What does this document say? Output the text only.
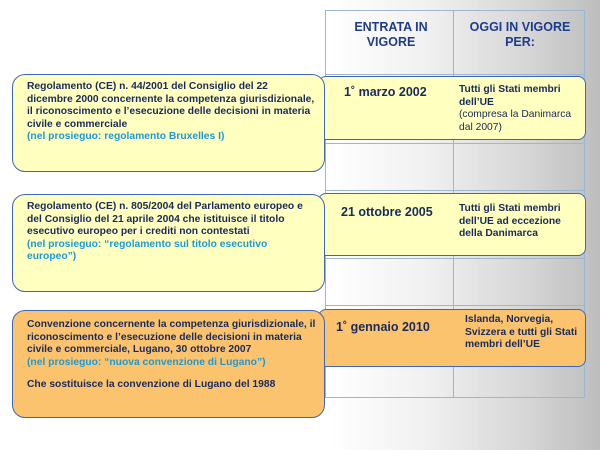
ENTRATA IN
VIGORE
OGGI IN VIGORE
PER:
Regolamento (CE) n. 44/2001 del Consiglio del 22 dicembre 2000 concernente la competenza giurisdizionale, il riconoscimento e l’esecuzione delle decisioni in materia civile e commerciale
(nel prosieguo: regolamento Bruxelles I)
Regolamento (CE) n. 805/2004 del Parlamento europeo e del Consiglio del 21 aprile 2004 che istituisce il titolo esecutivo europeo per i crediti non contestati
(nel prosieguo: “regolamento sul titolo esecutivo europeo”)
Convenzione concernente la competenza giurisdizionale, il riconoscimento e l’esecuzione delle decisioni in materia civile e commerciale, Lugano, 30 ottobre 2007
(nel prosieguo: “nuova convenzione di Lugano”)
Che sostituisce la convenzione di Lugano del 1988
1˚ marzo 2002
21 ottobre 2005
1˚ gennaio 2010
Tutti gli Stati membri dell’UE
(compresa la Danimarca dal 2007)
Tutti gli Stati membri dell’UE ad eccezione della Danimarca
Islanda, Norvegia, Svizzera e tutti gli Stati membri dell’UE
